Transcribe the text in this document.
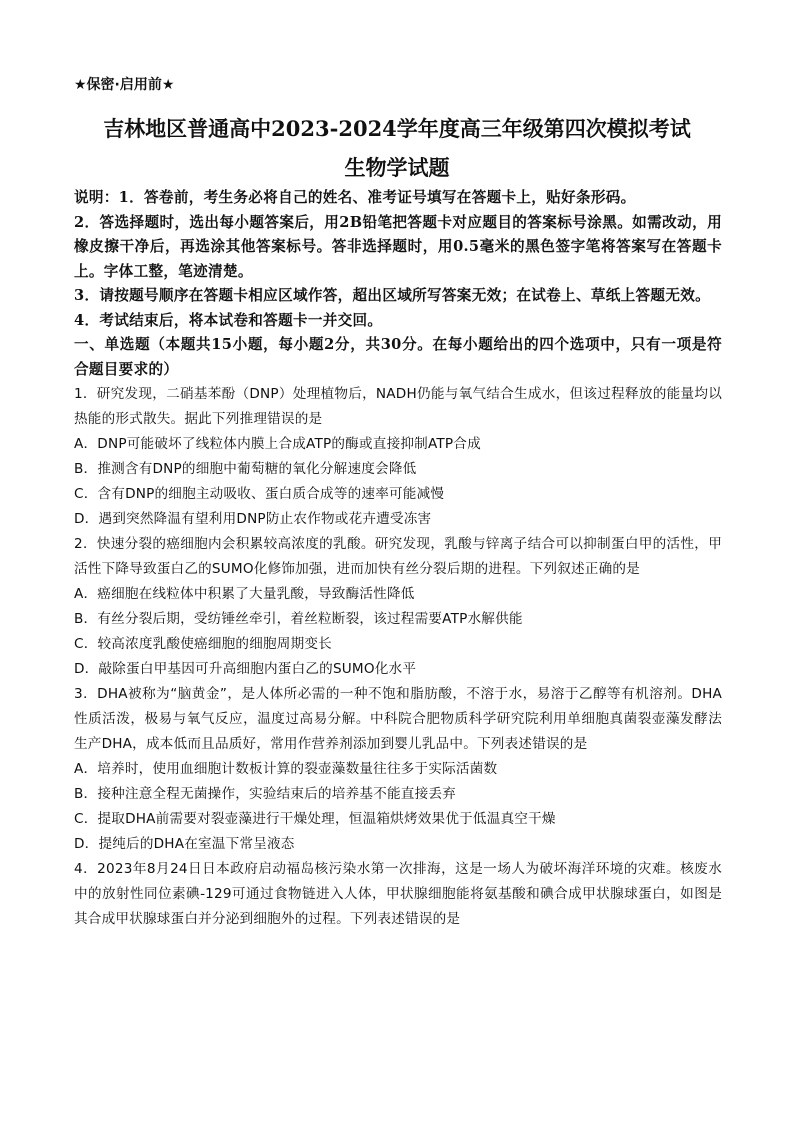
★保密·启用前★
吉林地区普通高中2023-2024学年度高三年级第四次模拟考试
生物学试题

说明：1．答卷前，考生务必将自己的姓名、准考证号填写在答题卡上，贴好条形码。

2．答选择题时，选出每小题答案后，用2B铅笔把答题卡对应题目的答案标号涂黑。如需改动，用橡皮擦干净后，再选涂其他答案标号。答非选择题时，用0.5毫米的黑色签字笔将答案写在答题卡上。字体工整，笔迹清楚。

3．请按题号顺序在答题卡相应区域作答，超出区域所写答案无效；在试卷上、草纸上答题无效。

4．考试结束后，将本试卷和答题卡一并交回。

一、单选题（本题共15小题，每小题2分，共30分。在每小题给出的四个选项中，只有一项是符合题目要求的）

1．研究发现，二硝基苯酚（DNP）处理植物后，NADH仍能与氧气结合生成水，但该过程释放的能量均以热能的形式散失。据此下列推理错误的是

A．DNP可能破坏了线粒体内膜上合成ATP的酶或直接抑制ATP合成

B．推测含有DNP的细胞中葡萄糖的氧化分解速度会降低

C．含有DNP的细胞主动吸收、蛋白质合成等的速率可能减慢

D．遇到突然降温有望利用DNP防止农作物或花卉遭受冻害

2．快速分裂的癌细胞内会积累较高浓度的乳酸。研究发现，乳酸与锌离子结合可以抑制蛋白甲的活性，甲活性下降导致蛋白乙的SUMO化修饰加强，进而加快有丝分裂后期的进程。下列叙述正确的是

A．癌细胞在线粒体中积累了大量乳酸，导致酶活性降低

B．有丝分裂后期，受纺锤丝牵引，着丝粒断裂，该过程需要ATP水解供能

C．较高浓度乳酸使癌细胞的细胞周期变长

D．敲除蛋白甲基因可升高细胞内蛋白乙的SUMO化水平

3．DHA被称为“脑黄金”，是人体所必需的一种不饱和脂肪酸，不溶于水，易溶于乙醇等有机溶剂。DHA性质活泼，极易与氧气反应，温度过高易分解。中科院合肥物质科学研究院利用单细胞真菌裂壶藻发酵法生产DHA，成本低而且品质好，常用作营养剂添加到婴儿乳品中。下列表述错误的是

A．培养时，使用血细胞计数板计算的裂壶藻数量往往多于实际活菌数

B．接种注意全程无菌操作，实验结束后的培养基不能直接丢弃

C．提取DHA前需要对裂壶藻进行干燥处理，恒温箱烘烤效果优于低温真空干燥

D．提纯后的DHA在室温下常呈液态

4．2023年8月24日日本政府启动福岛核污染水第一次排海，这是一场人为破坏海洋环境的灾难。核废水中的放射性同位素碘-129可通过食物链进入人体，甲状腺细胞能将氨基酸和碘合成甲状腺球蛋白，如图是其合成甲状腺球蛋白并分泌到细胞外的过程。下列表述错误的是
